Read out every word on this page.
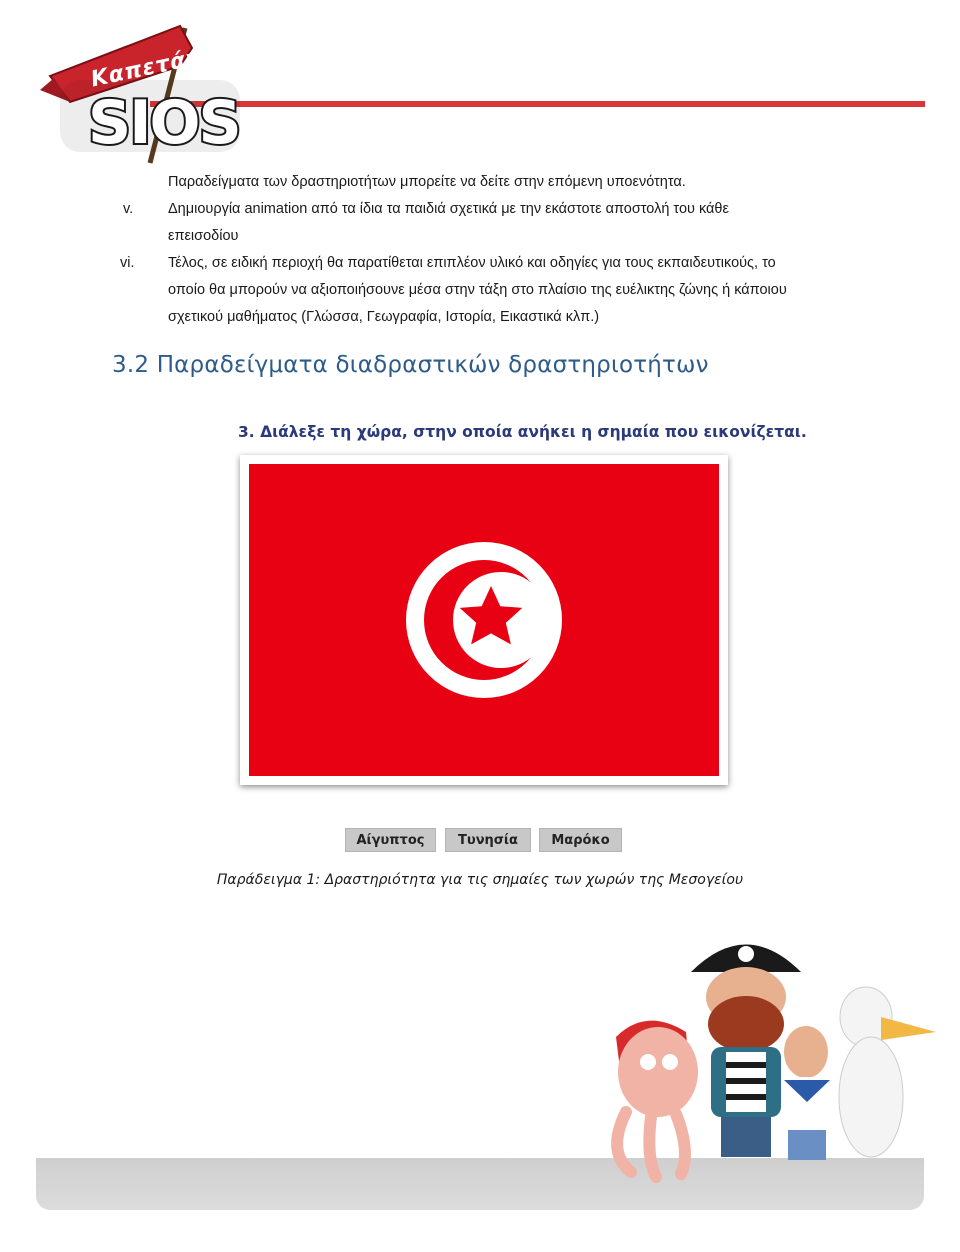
Καπετάν
SIOS
Παραδείγματα των δραστηριοτήτων μπορείτε να δείτε στην επόμενη υποενότητα.
v. Δημιουργία animation από τα ίδια τα παιδιά σχετικά με την εκάστοτε αποστολή του κάθε
επεισοδίου
vi. Τέλος, σε ειδική περιοχή θα παρατίθεται επιπλέον υλικό και οδηγίες για τους εκπαιδευτικούς, το
οποίο θα μπορούν να αξιοποιήσουνε μέσα στην τάξη στο πλαίσιο της ευέλικτης ζώνης ή κάποιου
σχετικού μαθήματος (Γλώσσα, Γεωγραφία, Ιστορία, Εικαστικά κλπ.)
3.2 Παραδείγματα διαδραστικών δραστηριοτήτων
3. Διάλεξε τη χώρα, στην οποία ανήκει η σημαία που εικονίζεται.
Αίγυπτος	Τυνησία	Μαρόκο
Παράδειγμα 1: Δραστηριότητα για τις σημαίες των χωρών της Μεσογείου
